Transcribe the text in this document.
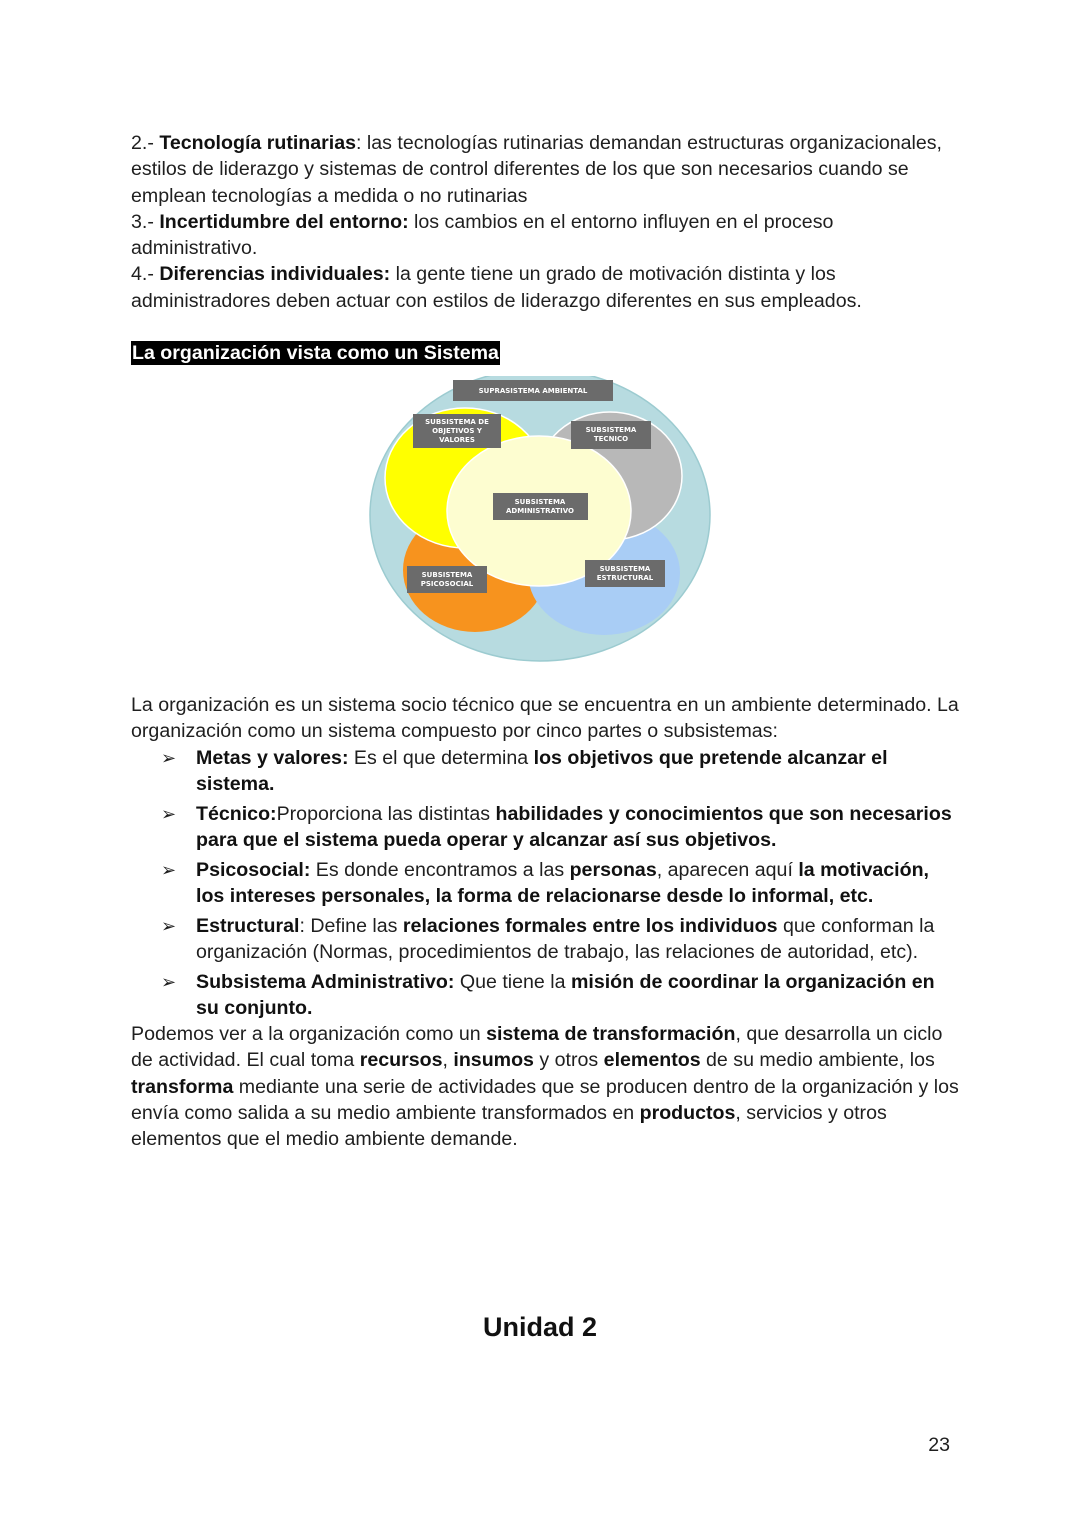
2.- Tecnología rutinarias: las tecnologías rutinarias demandan estructuras organizacionales, estilos de liderazgo y sistemas de control diferentes de los que son necesarios cuando se emplean tecnologías a medida o no rutinarias

3.- Incertidumbre del entorno: los cambios en el entorno influyen en el proceso administrativo.

4.- Diferencias individuales: la gente tiene un grado de motivación distinta y los administradores deben actuar con estilos de liderazgo diferentes en sus empleados.

La organización vista como un Sistema
SUPRASISTEMA AMBIENTAL
SUBSISTEMA DE
OBJETIVOS Y
VALORES
SUBSISTEMA
TECNICO
SUBSISTEMA
ADMINISTRATIVO
SUBSISTEMA
PSICOSOCIAL
SUBSISTEMA
ESTRUCTURAL

La organización es un sistema socio técnico que se encuentra en un ambiente determinado. La organización como un sistema compuesto por cinco partes o subsistemas:

➢ Metas y valores: Es el que determina los objetivos que pretende alcanzar el sistema.
➢ Técnico:Proporciona las distintas habilidades y conocimientos que son necesarios para que el sistema pueda operar y alcanzar así sus objetivos.
➢ Psicosocial: Es donde encontramos a las personas, aparecen aquí la motivación, los intereses personales, la forma de relacionarse desde lo informal, etc.
➢ Estructural: Define las relaciones formales entre los individuos que conforman la organización (Normas, procedimientos de trabajo, las relaciones de autoridad, etc).
➢ Subsistema Administrativo: Que tiene la misión de coordinar la organización en su conjunto.

Podemos ver a la organización como un sistema de transformación, que desarrolla un ciclo de actividad. El cual toma recursos, insumos y otros elementos de su medio ambiente, los transforma mediante una serie de actividades que se producen dentro de la organización y los envía como salida a su medio ambiente transformados en productos, servicios y otros elementos que el medio ambiente demande.

Unidad 2
23
